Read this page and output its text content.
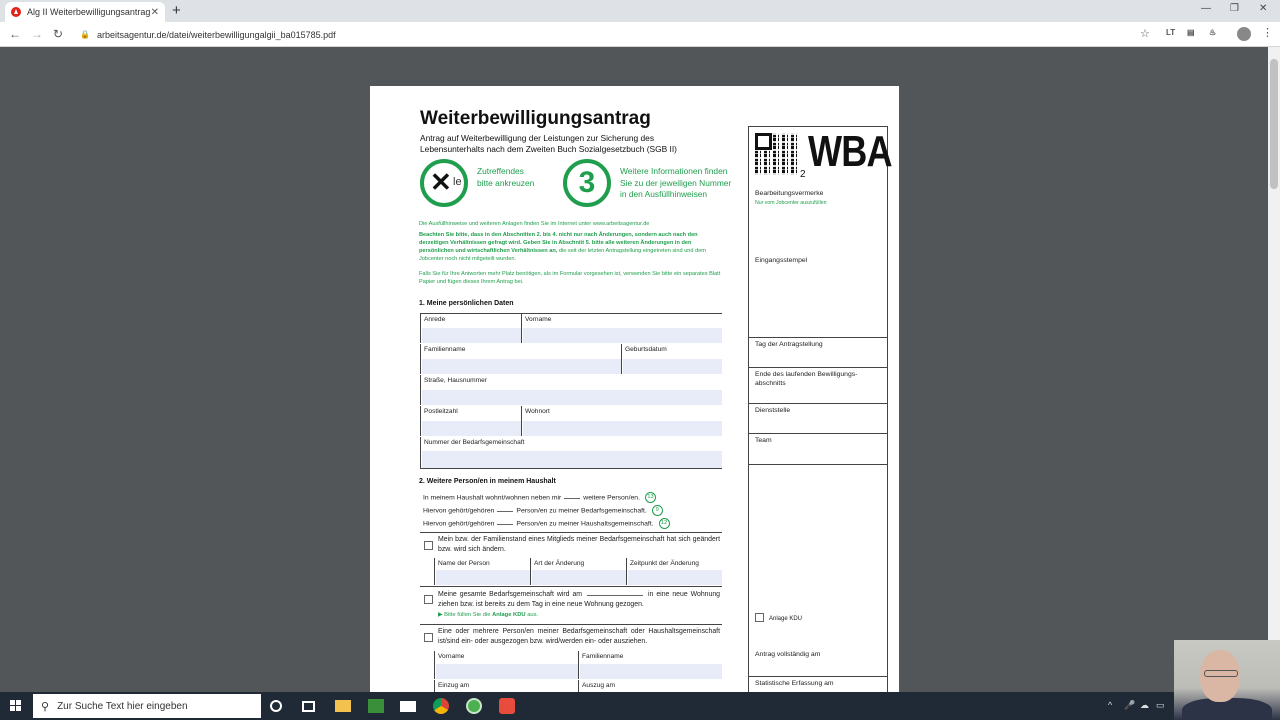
Alg II Weiterbewilligungsantrag ✕ +	— ❐ ✕
← → ↻ 🔒 arbeitsagentur.de/datei/weiterbewilligungalgii_ba015785.pdf	☆ LT ▤ ♨	⋮
Weiterbewilligungsantrag
Antrag auf Weiterbewilligung der Leistungen zur Sicherung des Lebensunterhalts nach dem Zweiten Buch Sozialgesetzbuch (SGB II)
✕ le
Zutreffendes bitte ankreuzen	3	Weitere Informationen finden Sie zu der jeweiligen Nummer in den Ausfüllhinweisen
Die Ausfüllhinweise und weiteren Anlagen finden Sie im Internet unter www.arbeitsagentur.de
Beachten Sie bitte, dass in den Abschnitten 2. bis 4. nicht nur nach Änderungen, sondern auch nach den derzeitigen Verhältnissen gefragt wird. Geben Sie in Abschnitt 5. bitte alle weiteren Änderungen in den persönlichen und wirtschaftlichen Verhältnissen an, die seit der letzten Antragstellung eingetreten sind und dem Jobcenter noch nicht mitgeteilt wurden.
Falls Sie für Ihre Antworten mehr Platz benötigen, als im Formular vorgesehen ist, verwenden Sie bitte ein separates Blatt Papier und fügen dieses Ihrem Antrag bei.
1. Meine persönlichen Daten
Anrede	Vorname
Familienname	Geburtsdatum
Straße, Hausnummer
Postleitzahl	Wohnort
Nummer der Bedarfsgemeinschaft
2. Weitere Person/en in meinem Haushalt
In meinem Haushalt wohnt/wohnen neben mir	weitere Person/en. 13
Hiervon gehört/gehören	Person/en zu meiner Bedarfsgemeinschaft. 9
Hiervon gehört/gehören	Person/en zu meiner Haushaltsgemeinschaft. 12
Mein bzw. der Familienstand eines Mitglieds meiner Bedarfsgemeinschaft hat sich geändert bzw. wird sich ändern.
Name der Person	Art der Änderung	Zeitpunkt der Änderung
Meine gesamte Bedarfsgemeinschaft wird am	in eine neue Wohnung ziehen bzw. ist bereits zu dem Tag in eine neue Wohnung gezogen.
▶ Bitte füllen Sie die Anlage KDU aus.
Eine oder mehrere Person/en meiner Bedarfsgemeinschaft oder Haushaltsgemeinschaft ist/sind ein- oder ausgezogen bzw. wird/werden ein- oder ausziehen.
Vorname	Familienname
Einzug am	Auszug am
2 WBA
Bearbeitungsvermerke
Nur vom Jobcenter auszufüllen
Eingangsstempel
Tag der Antragstellung
Ende des laufenden Bewilligungs-abschnitts
Dienststelle
Team
Anlage KDU
Antrag vollständig am
Statistische Erfassung am
⚲ Zur Suche Text hier eingeben	^ 🎤 ☁ ▭
